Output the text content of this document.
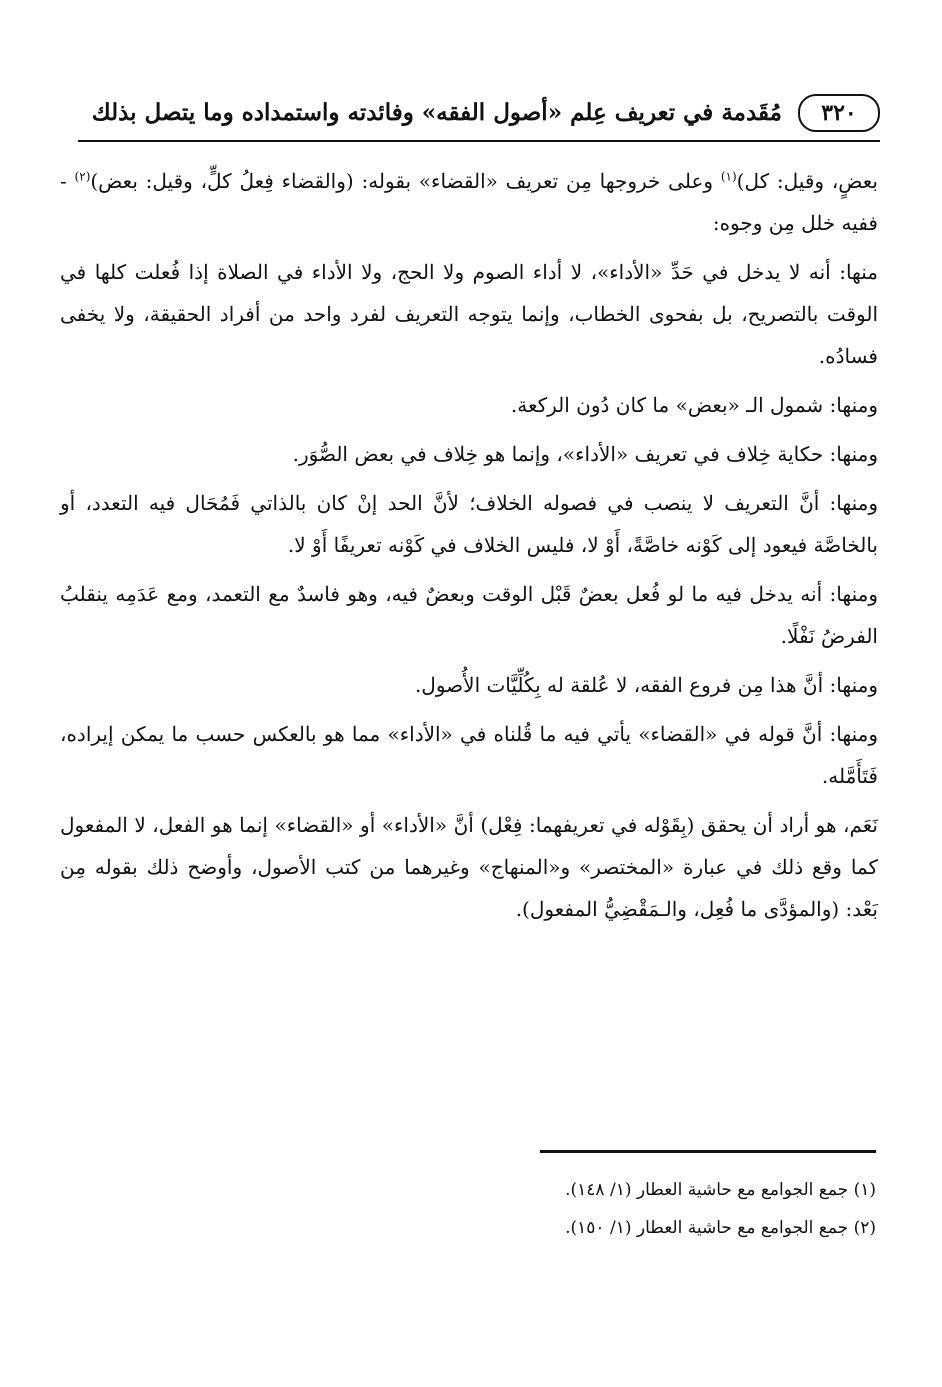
٣٢٠
مُقَدمة في تعريف عِلم «أصول الفقه» وفائدته واستمداده وما يتصل بذلك

بعضٍ، وقيل: كل)$^{(١)}$ وعلى خروجها مِن تعريف «القضاء» بقوله: (والقضاء فِعلُ كلٍّ، وقيل: بعض)$^{(٢)}$ - ففيه خلل مِن وجوه:

منها: أنه لا يدخل في حَدِّ «الأداء»، لا أداء الصوم ولا الحج، ولا الأداء في الصلاة إذا فُعلت كلها في الوقت بالتصريح، بل بفحوى الخطاب، وإنما يتوجه التعريف لفرد واحد من أفراد الحقيقة، ولا يخفى فسادُه.

ومنها: شمول الـ «بعض» ما كان دُون الركعة.

ومنها: حكاية خِلاف في تعريف «الأداء»، وإنما هو خِلاف في بعض الصُّوَر.

ومنها: أنَّ التعريف لا ينصب في فصوله الخلاف؛ لأنَّ الحد إنْ كان بالذاتي فَمُحَال فيه التعدد، أو بالخاصَّة فيعود إلى كَوْنه خاصَّةً، أَوْ لا، فليس الخلاف في كَوْنه تعريفًا أَوْ لا.

ومنها: أنه يدخل فيه ما لو فُعل بعضٌ قَبْل الوقت وبعضٌ فيه، وهو فاسدٌ مع التعمد، ومع عَدَمِه ينقلبُ الفرضُ نَفْلًا.

ومنها: أنَّ هذا مِن فروع الفقه، لا عُلقة له بِكُلِّيَّات الأُصول.

ومنها: أنَّ قوله في «القضاء» يأتي فيه ما قُلناه في «الأداء» مما هو بالعكس حسب ما يمكن إيراده، فَتَأَمَّله.

نَعَم، هو أراد أن يحقق (بِقَوْله في تعريفهما: فِعْل) أنَّ «الأداء» أو «القضاء» إنما هو الفعل، لا المفعول كما وقع ذلك في عبارة «المختصر» و«المنهاج» وغيرهما من كتب الأصول، وأوضح ذلك بقوله مِن بَعْد: (والمؤدَّى ما فُعِل، والـمَقْضِيُّ المفعول).

(١) جمع الجوامع مع حاشية العطار (١/ ١٤٨).
(٢) جمع الجوامع مع حاشية العطار (١/ ١٥٠).
